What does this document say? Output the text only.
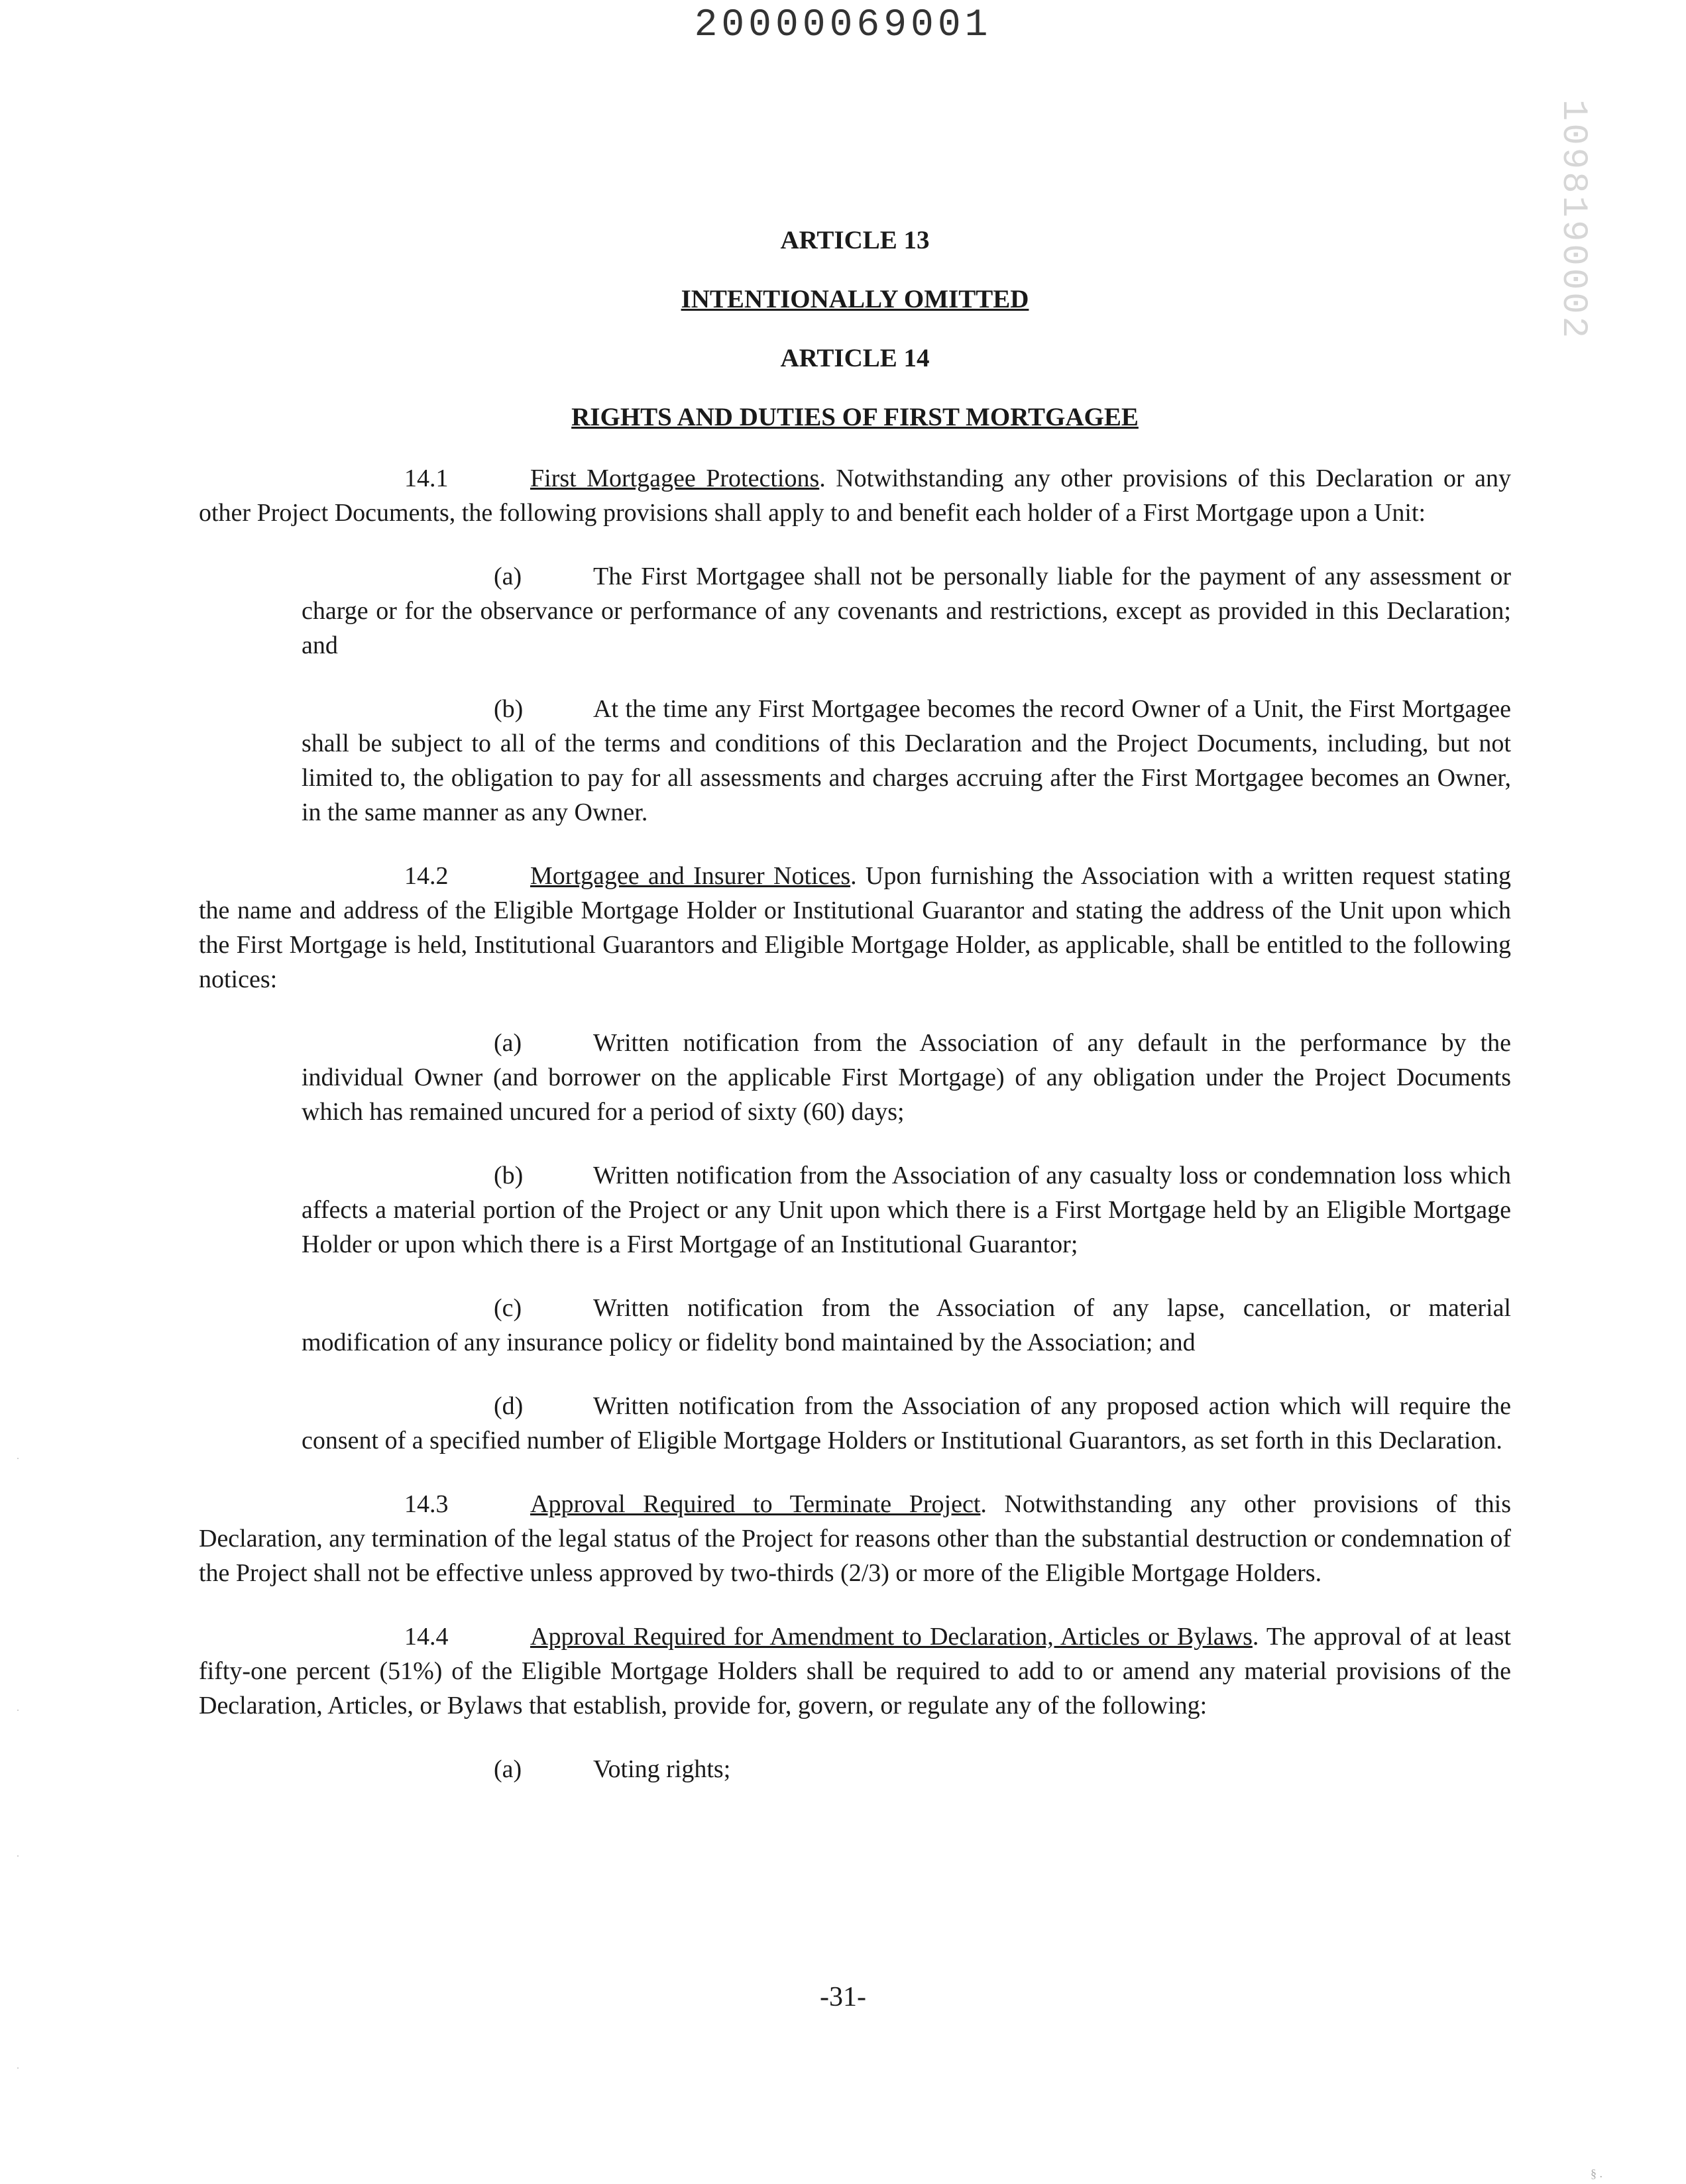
20000069001
1098190002
ARTICLE 13
INTENTIONALLY OMITTED
ARTICLE 14
RIGHTS AND DUTIES OF FIRST MORTGAGEE

14.1	First Mortgagee Protections. Notwithstanding any other provisions of this Declaration or any other Project Documents, the following provisions shall apply to and benefit each holder of a First Mortgage upon a Unit:

(a)	The First Mortgagee shall not be personally liable for the payment of any assessment or charge or for the observance or performance of any covenants and restrictions, except as provided in this Declaration; and

(b)	At the time any First Mortgagee becomes the record Owner of a Unit, the First Mortgagee shall be subject to all of the terms and conditions of this Declaration and the Project Documents, including, but not limited to, the obligation to pay for all assessments and charges accruing after the First Mortgagee becomes an Owner, in the same manner as any Owner.

14.2	Mortgagee and Insurer Notices. Upon furnishing the Association with a written request stating the name and address of the Eligible Mortgage Holder or Institutional Guarantor and stating the address of the Unit upon which the First Mortgage is held, Institutional Guarantors and Eligible Mortgage Holder, as applicable, shall be entitled to the following notices:

(a)	Written notification from the Association of any default in the performance by the individual Owner (and borrower on the applicable First Mortgage) of any obligation under the Project Documents which has remained uncured for a period of sixty (60) days;

(b)	Written notification from the Association of any casualty loss or condemnation loss which affects a material portion of the Project or any Unit upon which there is a First Mortgage held by an Eligible Mortgage Holder or upon which there is a First Mortgage of an Institutional Guarantor;

(c)	Written notification from the Association of any lapse, cancellation, or material modification of any insurance policy or fidelity bond maintained by the Association; and

(d)	Written notification from the Association of any proposed action which will require the consent of a specified number of Eligible Mortgage Holders or Institutional Guarantors, as set forth in this Declaration.

14.3	Approval Required to Terminate Project. Notwithstanding any other provisions of this Declaration, any termination of the legal status of the Project for reasons other than the substantial destruction or condemnation of the Project shall not be effective unless approved by two-thirds (2/3) or more of the Eligible Mortgage Holders.

14.4	Approval Required for Amendment to Declaration, Articles or Bylaws. The approval of at least fifty-one percent (51%) of the Eligible Mortgage Holders shall be required to add to or amend any material provisions of the Declaration, Articles, or Bylaws that establish, provide for, govern, or regulate any of the following:

(a)	Voting rights;

-31-
§ .
